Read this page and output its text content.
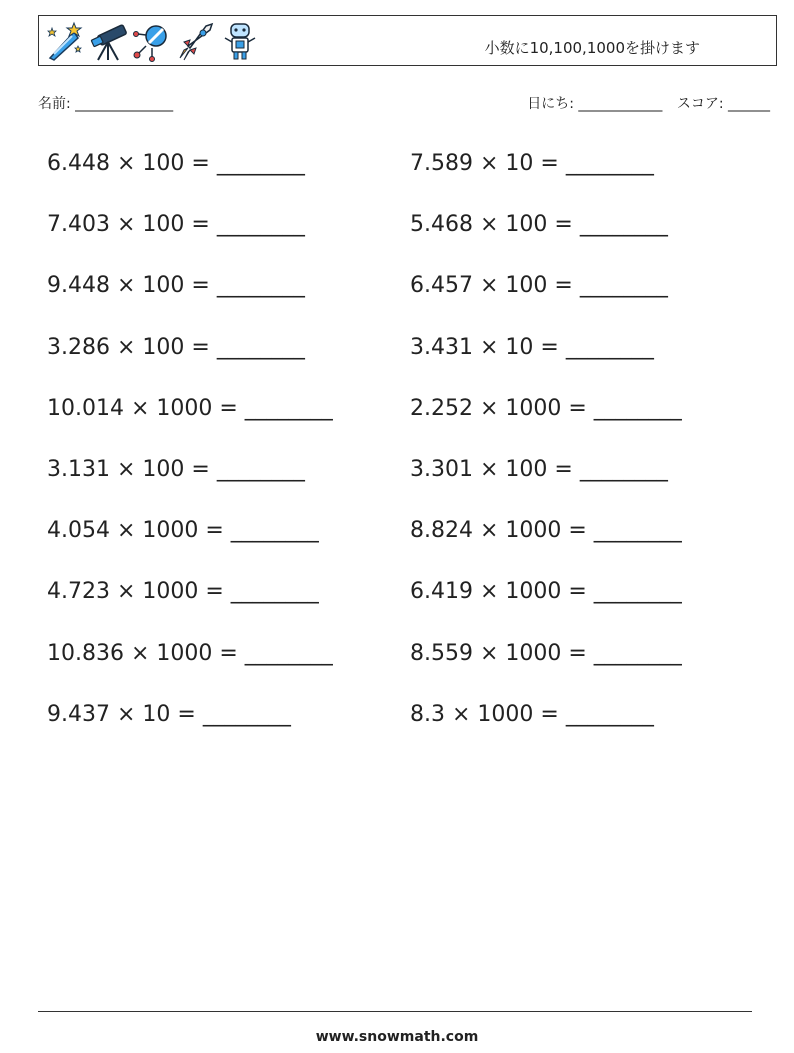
小数に10,100,1000を掛けます
名前: ______________	日にち: ____________ スコア: ______
6.448 × 100 = ________	7.589 × 10 = ________
7.403 × 100 = ________	5.468 × 100 = ________
9.448 × 100 = ________	6.457 × 100 = ________
3.286 × 100 = ________	3.431 × 10 = ________
10.014 × 1000 = ________	2.252 × 1000 = ________
3.131 × 100 = ________	3.301 × 100 = ________
4.054 × 1000 = ________	8.824 × 1000 = ________
4.723 × 1000 = ________	6.419 × 1000 = ________
10.836 × 1000 = ________	8.559 × 1000 = ________
9.437 × 10 = ________	8.3 × 1000 = ________
www.snowmath.com
